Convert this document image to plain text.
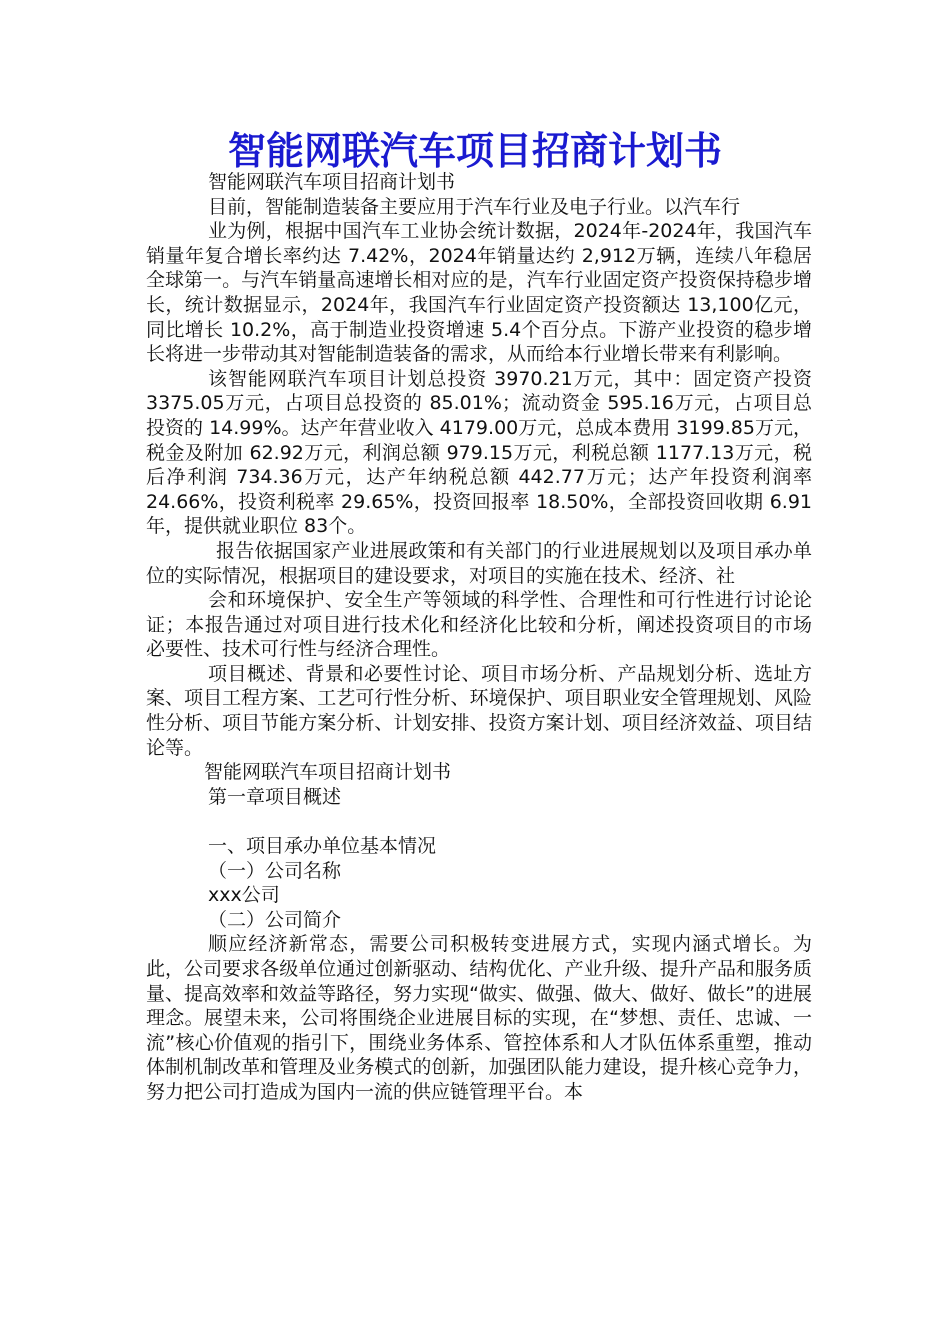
智能网联汽车项目招商计划书

智能网联汽车项目招商计划书

目前，智能制造装备主要应用于汽车行业及电子行业。以汽车行

业为例，根据中国汽车工业协会统计数据，2024年-2024年，我国汽车销量年复合增长率约达 7.42%，2024年销量达约 2,912万辆，连续八年稳居全球第一。与汽车销量高速增长相对应的是，汽车行业固定资产投资保持稳步增长，统计数据显示，2024年，我国汽车行业固定资产投资额达 13,100亿元，同比增长 10.2%，高于制造业投资增速 5.4个百分点。下游产业投资的稳步增长将进一步带动其对智能制造装备的需求，从而给本行业增长带来有利影响。

该智能网联汽车项目计划总投资 3970.21万元，其中：固定资产投资 3375.05万元，占项目总投资的 85.01%；流动资金 595.16万元，占项目总投资的 14.99%。达产年营业收入 4179.00万元，总成本费用 3199.85万元，税金及附加 62.92万元，利润总额 979.15万元，利税总额 1177.13万元，税后净利润 734.36万元，达产年纳税总额 442.77万元；达产年投资利润率 24.66%，投资利税率 29.65%，投资回报率 18.50%，全部投资回收期 6.91年，提供就业职位 83个。

报告依据国家产业进展政策和有关部门的行业进展规划以及项目承办单位的实际情况，根据项目的建设要求，对项目的实施在技术、经济、社

会和环境保护、安全生产等领域的科学性、合理性和可行性进行讨论论证；本报告通过对项目进行技术化和经济化比较和分析，阐述投资项目的市场 必要性、技术可行性与经济合理性。

项目概述、背景和必要性讨论、项目市场分析、产品规划分析、选址方案、项目工程方案、工艺可行性分析、环境保护、项目职业安全管理规划、风险性分析、项目节能方案分析、计划安排、投资方案计划、项目经济效益、项目结论等。

智能网联汽车项目招商计划书

第一章项目概述

一、项目承办单位基本情况

（一）公司名称

xxx公司

（二）公司简介

顺应经济新常态，需要公司积极转变进展方式，实现内涵式增长。为此，公司要求各级单位通过创新驱动、结构优化、产业升级、提升产品和服务质量、提高效率和效益等路径，努力实现“做实、做强、做大、做好、做长”的进展理念。展望未来，公司将围绕企业进展目标的实现，在“梦想、责任、忠诚、一流”核心价值观的指引下，围绕业务体系、管控体系和人才队伍体系重塑，推动体制机制改革和管理及业务模式的创新，加强团队能力建设，提升核心竞争力，努力把公司打造成为国内一流的供应链管理平台。本
